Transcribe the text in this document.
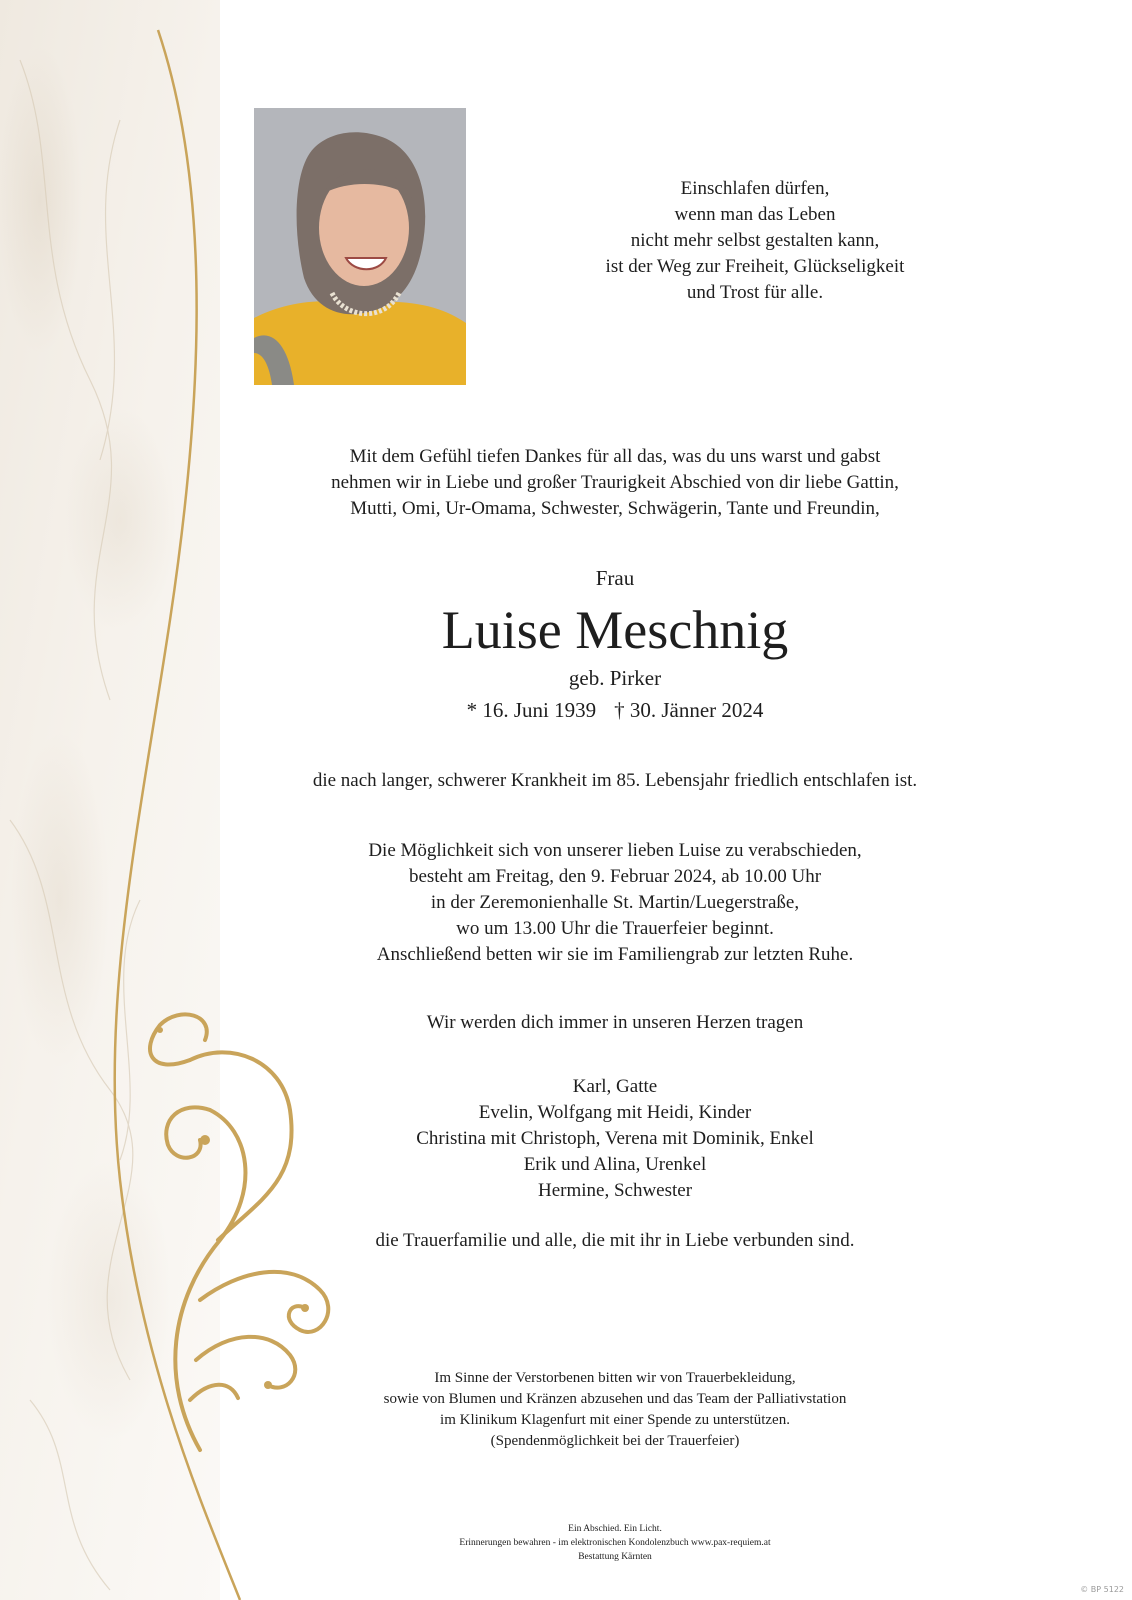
Einschlafen dürfen,
wenn man das Leben
nicht mehr selbst gestalten kann,
ist der Weg zur Freiheit, Glückseligkeit
und Trost für alle.
Mit dem Gefühl tiefen Dankes für all das, was du uns warst und gabst
nehmen wir in Liebe und großer Traurigkeit Abschied von dir liebe Gattin,
Mutti, Omi, Ur-Omama, Schwester, Schwägerin, Tante und Freundin,
Frau
Luise Meschnig
geb. Pirker
* 16. Juni 1939 † 30. Jänner 2024
die nach langer, schwerer Krankheit im 85. Lebensjahr friedlich entschlafen ist.
Die Möglichkeit sich von unserer lieben Luise zu verabschieden,
besteht am Freitag, den 9. Februar 2024, ab 10.00 Uhr
in der Zeremonienhalle St. Martin/Luegerstraße,
wo um 13.00 Uhr die Trauerfeier beginnt.
Anschließend betten wir sie im Familiengrab zur letzten Ruhe.
Wir werden dich immer in unseren Herzen tragen
Karl, Gatte
Evelin, Wolfgang mit Heidi, Kinder
Christina mit Christoph, Verena mit Dominik, Enkel
Erik und Alina, Urenkel
Hermine, Schwester
die Trauerfamilie und alle, die mit ihr in Liebe verbunden sind.
Im Sinne der Verstorbenen bitten wir von Trauerbekleidung,
sowie von Blumen und Kränzen abzusehen und das Team der Palliativstation
im Klinikum Klagenfurt mit einer Spende zu unterstützen.
(Spendenmöglichkeit bei der Trauerfeier)
Ein Abschied. Ein Licht.
Erinnerungen bewahren - im elektronischen Kondolenzbuch www.pax-requiem.at
Bestattung Kärnten
© BP 5122
